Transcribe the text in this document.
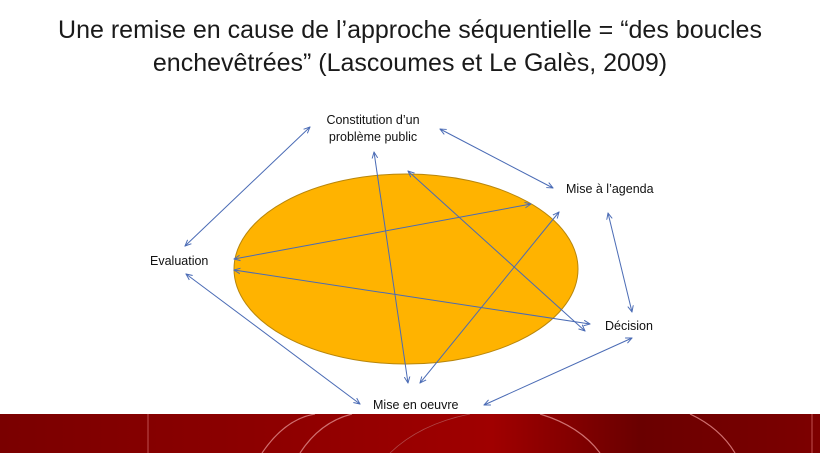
Une remise en cause de l’approche séquentielle = “des boucles
enchevêtrées” (Lascoumes et Le Galès, 2009)
Constitution d’un
problème public
Mise à l’agenda
Décision
Mise en oeuvre
Evaluation
